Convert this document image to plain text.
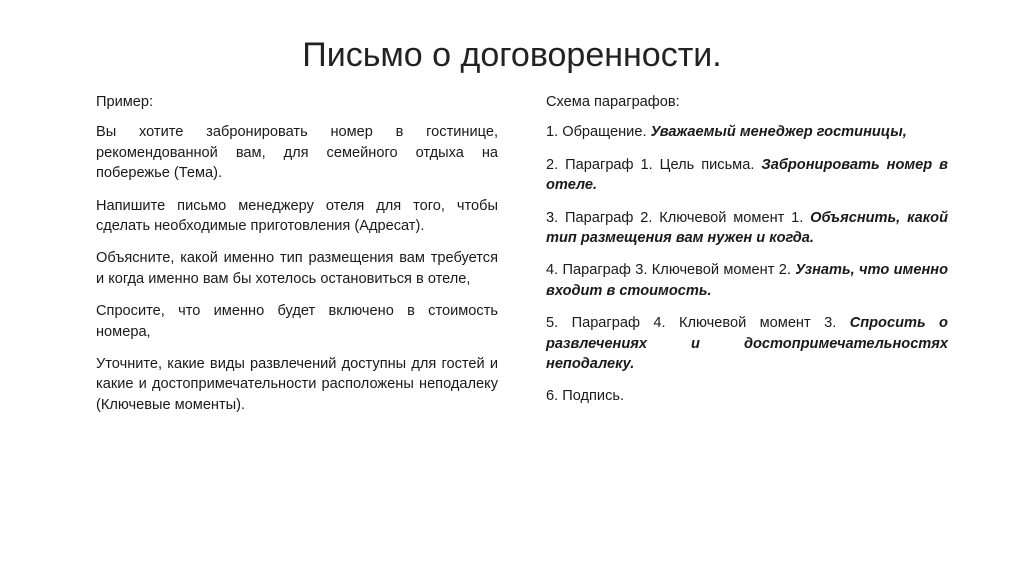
Письмо о договоренности.

Пример:

Вы хотите забронировать номер в гостинице, рекомендованной вам, для семейного отдыха на побережье (Тема).

Напишите письмо менеджеру отеля для того, чтобы сделать необходимые приготовления (Адресат).

Объясните, какой именно тип размещения вам требуется и когда именно вам бы хотелось остановиться в отеле,

Спросите, что именно будет включено в стоимость номера,

Уточните, какие виды развлечений доступны для гостей и какие и достопримечательности расположены неподалеку (Ключевые моменты).

Схема параграфов:

1. Обращение. Уважаемый менеджер гостиницы,

2. Параграф 1. Цель письма. Забронировать номер в отеле.

3. Параграф 2. Ключевой момент 1. Объяснить, какой тип размещения вам нужен и когда.

4. Параграф 3. Ключевой момент 2. Узнать, что именно входит в стоимость.

5. Параграф 4. Ключевой момент 3. Спросить о развлечениях и достопримечательностях неподалеку.

6. Подпись.
